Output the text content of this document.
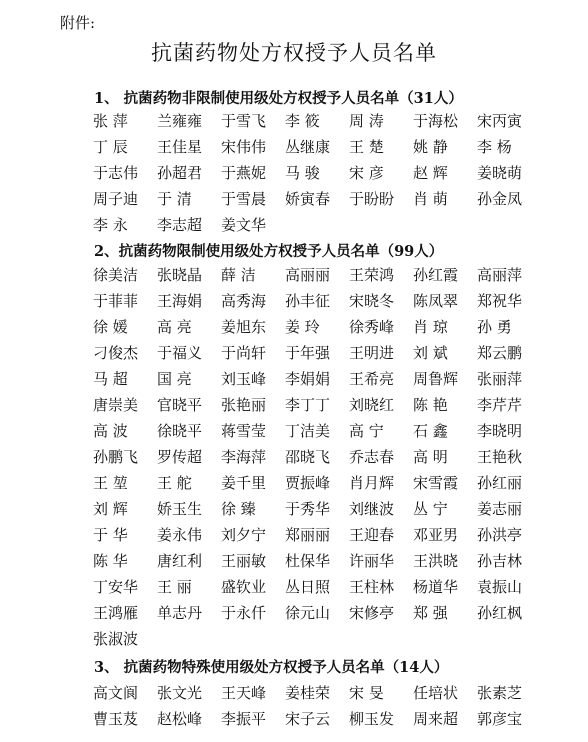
附件:
抗菌药物处方权授予人员名单
1、 抗菌药物非限制使用级处方权授予人员名单（31人）
张 萍	兰雍雍	于雪飞	李 筱	周 涛	于海松	宋丙寅
丁 辰	王佳星	宋伟伟	丛继康	王 楚	姚 静	李 杨
于志伟	孙超君	于燕妮	马 骏	宋 彦	赵 辉	姜晓萌
周子迪	于 清	于雪晨	娇寅春	于盼盼	肖 萌	孙金凤
李 永	李志超	姜文华
2、抗菌药物限制使用级处方权授予人员名单（99人）
徐美洁	张晓晶	薛 洁	高丽丽	王荣鸿	孙红霞	高丽萍
于菲菲	王海娟	高秀海	孙丰征	宋晓冬	陈凤翠	郑祝华
徐 媛	高 亮	姜旭东	姜 玲	徐秀峰	肖 琼	孙 勇
刁俊杰	于福义	于尚轩	于年强	王明进	刘 斌	郑云鹏
马 超	国 亮	刘玉峰	李娟娟	王希亮	周鲁辉	张丽萍
唐崇美	官晓平	张艳丽	李丁丁	刘晓红	陈 艳	李芹芹
高 波	徐晓平	蒋雪莹	丁洁美	高 宁	石 鑫	李晓明
孙鹏飞	罗传超	李海萍	邵晓飞	乔志春	高 明	王艳秋
王 堃	王 舵	姜千里	贾振峰	肖月辉	宋雪霞	孙红丽
刘 辉	娇玉生	徐 臻	于秀华	刘继波	丛 宁	姜志丽
于 华	姜永伟	刘夕宁	郑丽丽	王迎春	邓亚男	孙洪亭
陈 华	唐红利	王丽敏	杜保华	许丽华	王洪晓	孙吉林
丁安华	王 丽	盛钦业	丛日照	王柱林	杨道华	袁振山
王鸿雁	单志丹	于永仟	徐元山	宋修亭	郑 强	孙红枫
张淑波
3、 抗菌药物特殊使用级处方权授予人员名单（14人）
高文阆	张文光	王天峰	姜桂荣	宋 旻	任培状	张素芝
曹玉芨	赵松峰	李振平	宋子云	柳玉发	周来超	郭彦宝
